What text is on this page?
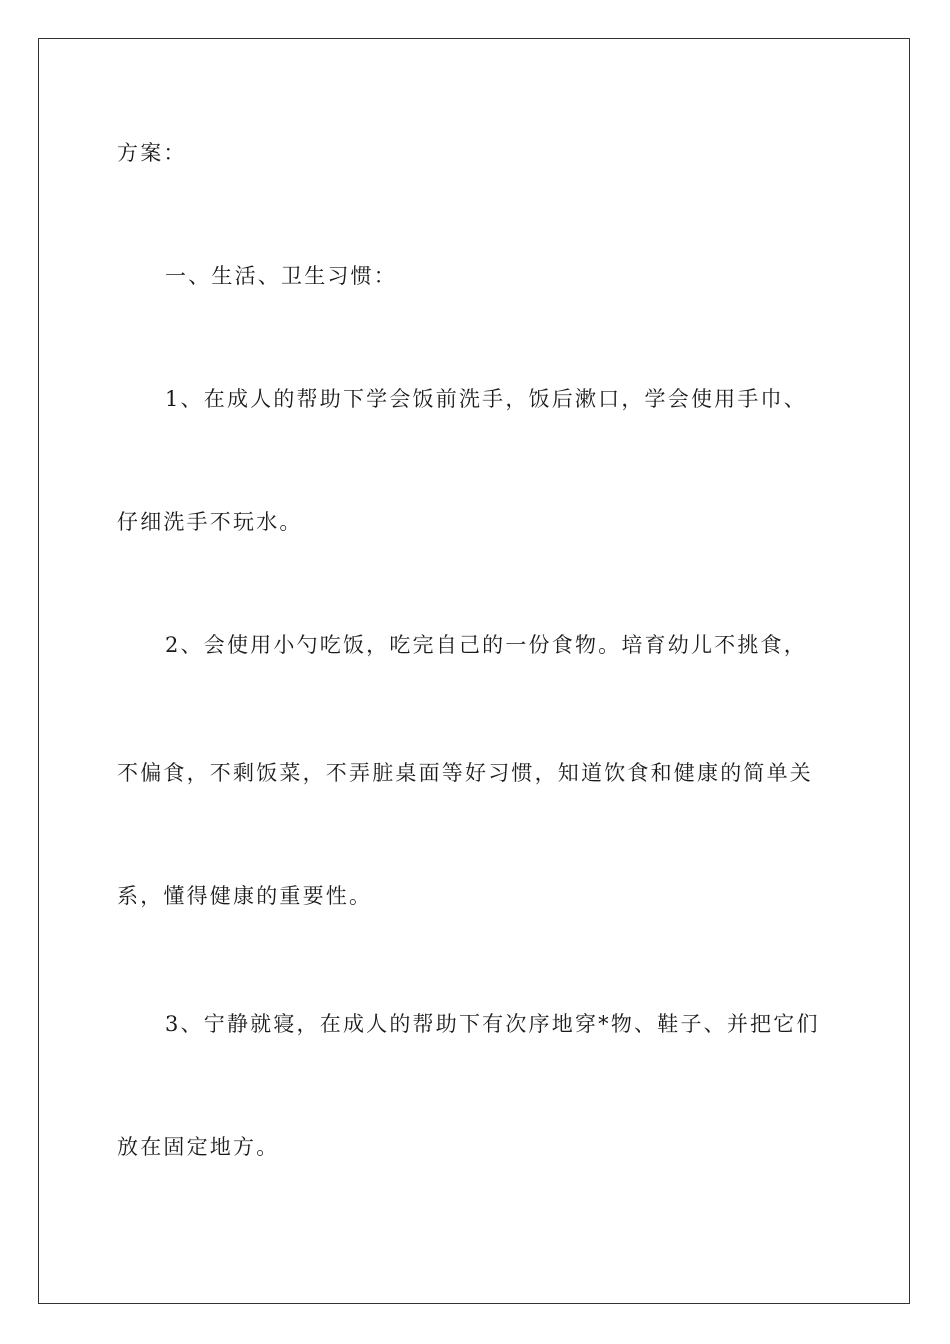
方案：
一、生活、卫生习惯：
1、在成人的帮助下学会饭前洗手，饭后漱口，学会使用手巾、
仔细洗手不玩水。
2、会使用小勺吃饭，吃完自己的一份食物。培育幼儿不挑食，
不偏食，不剩饭菜，不弄脏桌面等好习惯，知道饮食和健康的简单关
系，懂得健康的重要性。
3、宁静就寝，在成人的帮助下有次序地穿*物、鞋子、并把它们
放在固定地方。
